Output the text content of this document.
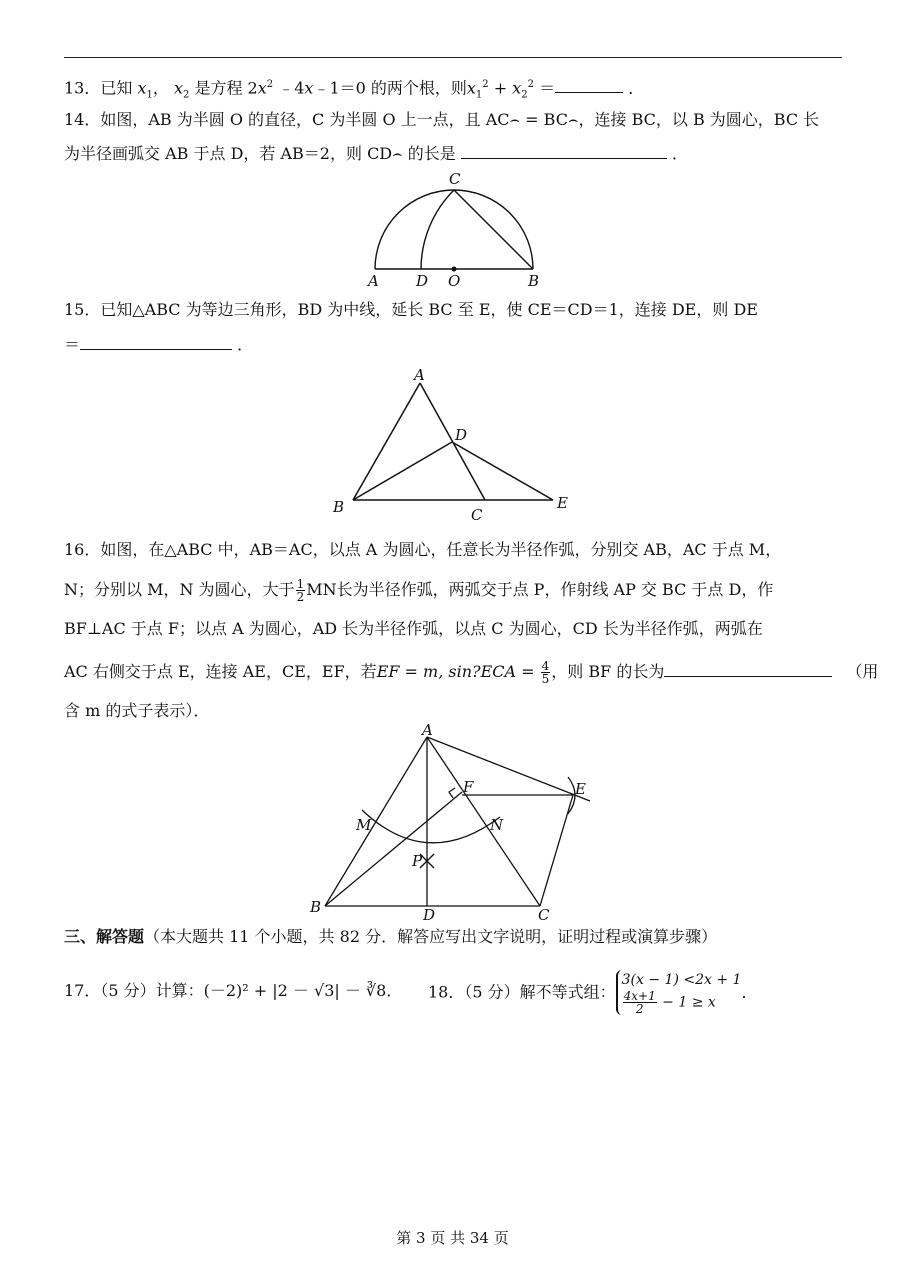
13．已知 $x_1$， $x_2$ 是方程 $2x^2$ ﹣4x﹣1＝0 的两个根，则$x_1^2 + x_2^2$ ＝	．
14．如图，AB 为半圆 O 的直径，C 为半圆 O 上一点，且 AC⌢ = BC⌢，连接 BC，以 B 为圆心，BC 长
为半径画弧交 AB 于点 D，若 AB＝2，则 CD⌢ 的长是	．
A D O	B
C
15．已知△ABC 为等边三角形，BD 为中线，延长 BC 至 E，使 CE＝CD＝1，连接 DE，则 DE
＝	．
A
B	C
D
E
16．如图，在△ABC 中，AB＝AC，以点 A 为圆心，任意长为半径作弧，分别交 AB，AC 于点 M，
N；分别以 M，N 为圆心，大于 $\frac{1}{2}$ MN长为半径作弧，两弧交于点 P，作射线 AP 交 BC 于点 D，作
BF⊥AC 于点 F；以点 A 为圆心，AD 长为半径作弧，以点 C 为圆心，CD 长为半径作弧，两弧在
AC 右侧交于点 E，连接 AE，CE，EF，若EF = m, sin?ECA = $\frac{4}{5}$ ，则 BF 的长为	（用
含 m 的式子表示）．
A
B	C
D
E
F
M	N
P
三、解答题（本大题共 11 个小题，共 82 分．解答应写出文字说明，证明过程或演算步骤）
17．（5 分）计算：(－2)² + |2 － √3| － ∛8． 18．（5 分）解不等式组：
3(x − 1) <2x + 1
$\frac{4x+1}{2} - 1 \ge x$
．
第 3 页 共 34 页
